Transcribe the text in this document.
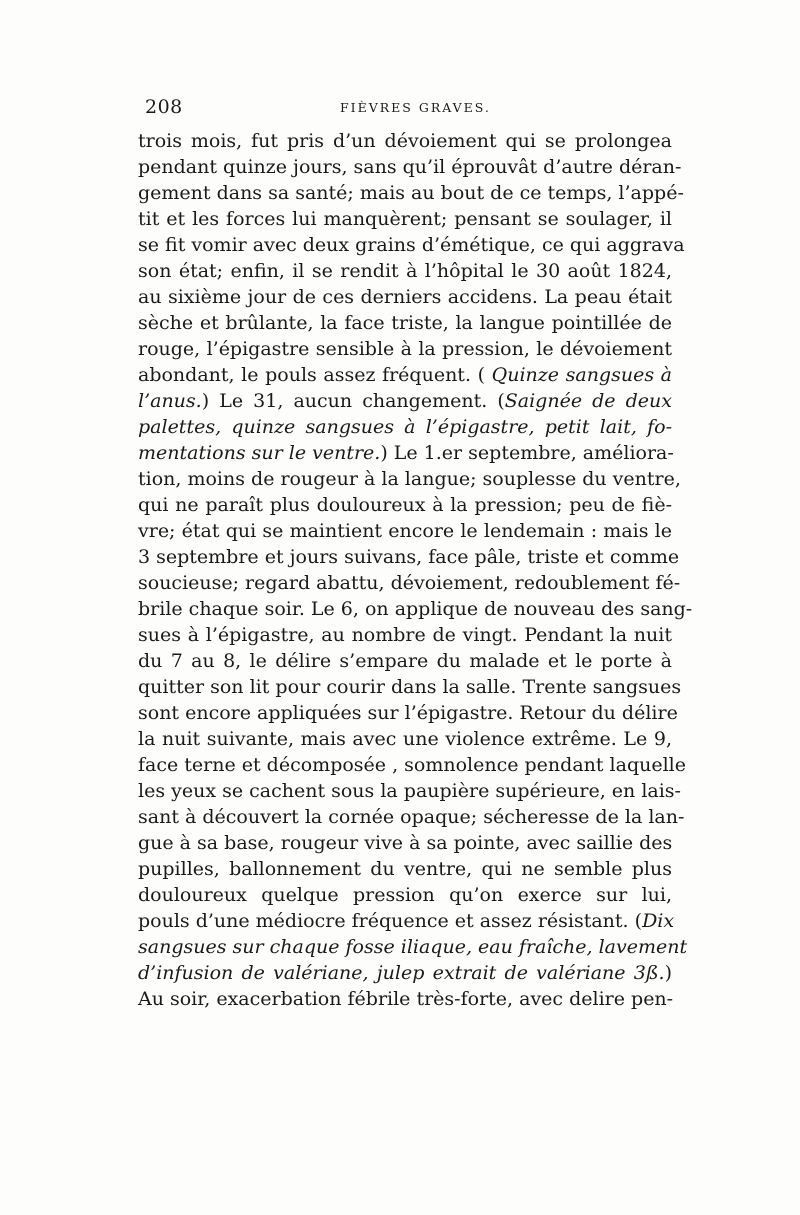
208	FIÈVRES GRAVES.
trois mois, fut pris d’un dévoiement qui se prolongea
pendant quinze jours, sans qu’il éprouvât d’autre déran-
gement dans sa santé; mais au bout de ce temps, l’appé-
tit et les forces lui manquèrent; pensant se soulager, il
se fit vomir avec deux grains d’émétique, ce qui aggrava
son état; enfin, il se rendit à l’hôpital le 30 août 1824,
au sixième jour de ces derniers accidens. La peau était
sèche et brûlante, la face triste, la langue pointillée de
rouge, l’épigastre sensible à la pression, le dévoiement
abondant, le pouls assez fréquent. ( Quinze sangsues à
l’anus.) Le 31, aucun changement. (Saignée de deux
palettes, quinze sangsues à l’épigastre, petit lait, fo-
mentations sur le ventre.) Le 1.er septembre, améliora-
tion, moins de rougeur à la langue; souplesse du ventre,
qui ne paraît plus douloureux à la pression; peu de fiè-
vre; état qui se maintient encore le lendemain : mais le
3 septembre et jours suivans, face pâle, triste et comme
soucieuse; regard abattu, dévoiement, redoublement fé-
brile chaque soir. Le 6, on applique de nouveau des sang-
sues à l’épigastre, au nombre de vingt. Pendant la nuit
du 7 au 8, le délire s’empare du malade et le porte à
quitter son lit pour courir dans la salle. Trente sangsues
sont encore appliquées sur l’épigastre. Retour du délire
la nuit suivante, mais avec une violence extrême. Le 9,
face terne et décomposée , somnolence pendant laquelle
les yeux se cachent sous la paupière supérieure, en lais-
sant à découvert la cornée opaque; sécheresse de la lan-
gue à sa base, rougeur vive à sa pointe, avec saillie des
pupilles, ballonnement du ventre, qui ne semble plus
douloureux quelque pression qu’on exerce sur lui,
pouls d’une médiocre fréquence et assez résistant. (Dix
sangsues sur chaque fosse iliaque, eau fraîche, lavement
d’infusion de valériane, julep extrait de valériane 3ß.)
Au soir, exacerbation fébrile très-forte, avec delire pen-
